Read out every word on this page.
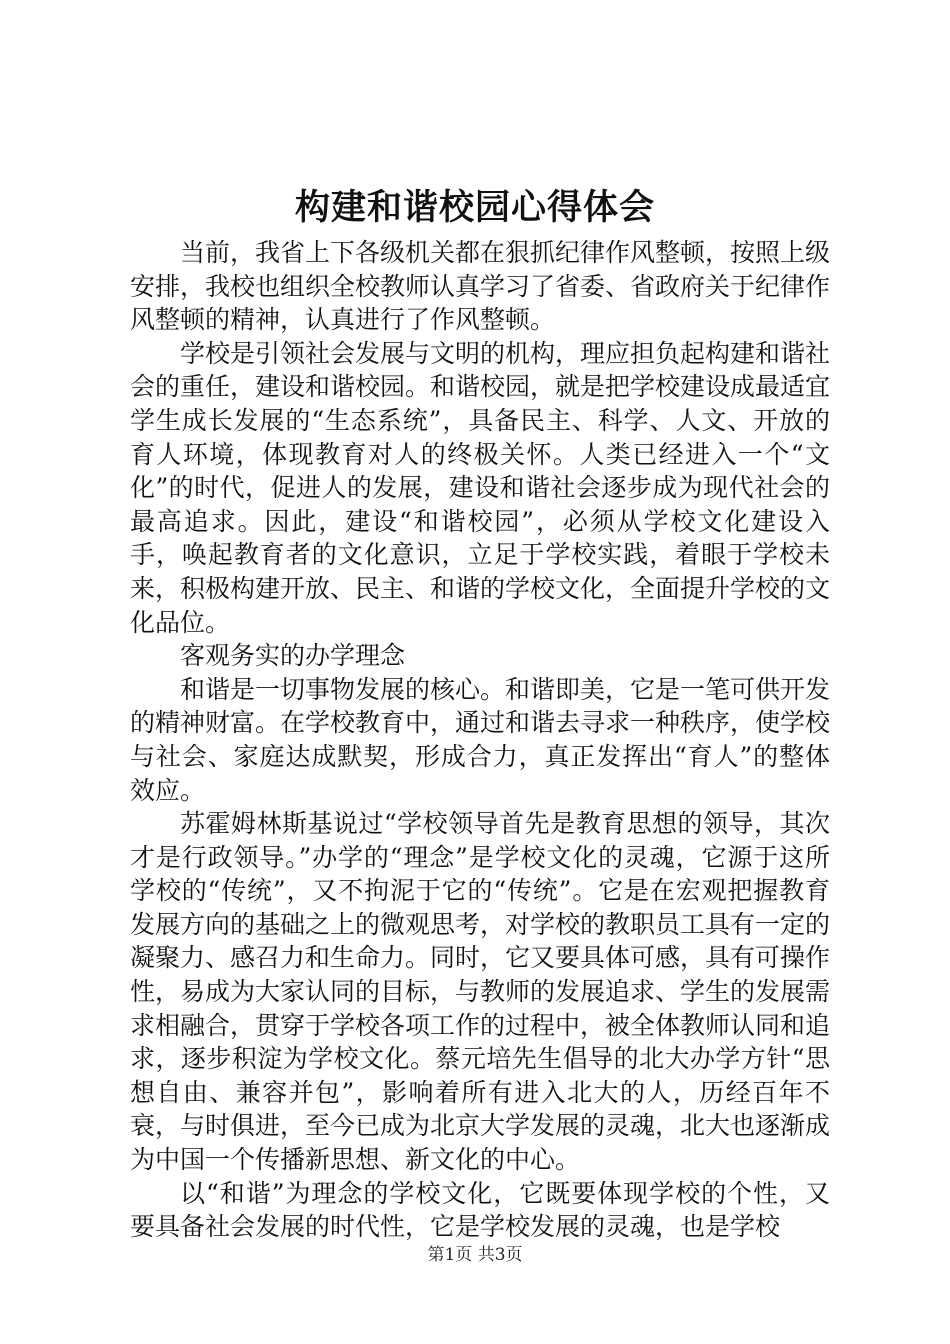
构建和谐校园心得体会

当前，我省上下各级机关都在狠抓纪律作风整顿，按照上级安排，我校也组织全校教师认真学习了省委、省政府关于纪律作风整顿的精神，认真进行了作风整顿。

学校是引领社会发展与文明的机构，理应担负起构建和谐社会的重任，建设和谐校园。和谐校园，就是把学校建设成最适宜学生成长发展的“生态系统”，具备民主、科学、人文、开放的育人环境，体现教育对人的终极关怀。人类已经进入一个“文化”的时代，促进人的发展，建设和谐社会逐步成为现代社会的最高追求。因此，建设“和谐校园”，必须从学校文化建设入手，唤起教育者的文化意识，立足于学校实践，着眼于学校未来，积极构建开放、民主、和谐的学校文化，全面提升学校的文化品位。

客观务实的办学理念

和谐是一切事物发展的核心。和谐即美，它是一笔可供开发的精神财富。在学校教育中，通过和谐去寻求一种秩序，使学校与社会、家庭达成默契，形成合力，真正发挥出“育人”的整体效应。

苏霍姆林斯基说过“学校领导首先是教育思想的领导，其次才是行政领导。”办学的“理念”是学校文化的灵魂，它源于这所学校的“传统”，又不拘泥于它的“传统”。它是在宏观把握教育发展方向的基础之上的微观思考，对学校的教职员工具有一定的凝聚力、感召力和生命力。同时，它又要具体可感，具有可操作性，易成为大家认同的目标，与教师的发展追求、学生的发展需求相融合，贯穿于学校各项工作的过程中，被全体教师认同和追求，逐步积淀为学校文化。蔡元培先生倡导的北大办学方针“思想自由、兼容并包”，影响着所有进入北大的人，历经百年不衰，与时俱进，至今已成为北京大学发展的灵魂，北大也逐渐成为中国一个传播新思想、新文化的中心。

以“和谐”为理念的学校文化，它既要体现学校的个性，又要具备社会发展的时代性，它是学校发展的灵魂，也是学校

第1页 共3页
